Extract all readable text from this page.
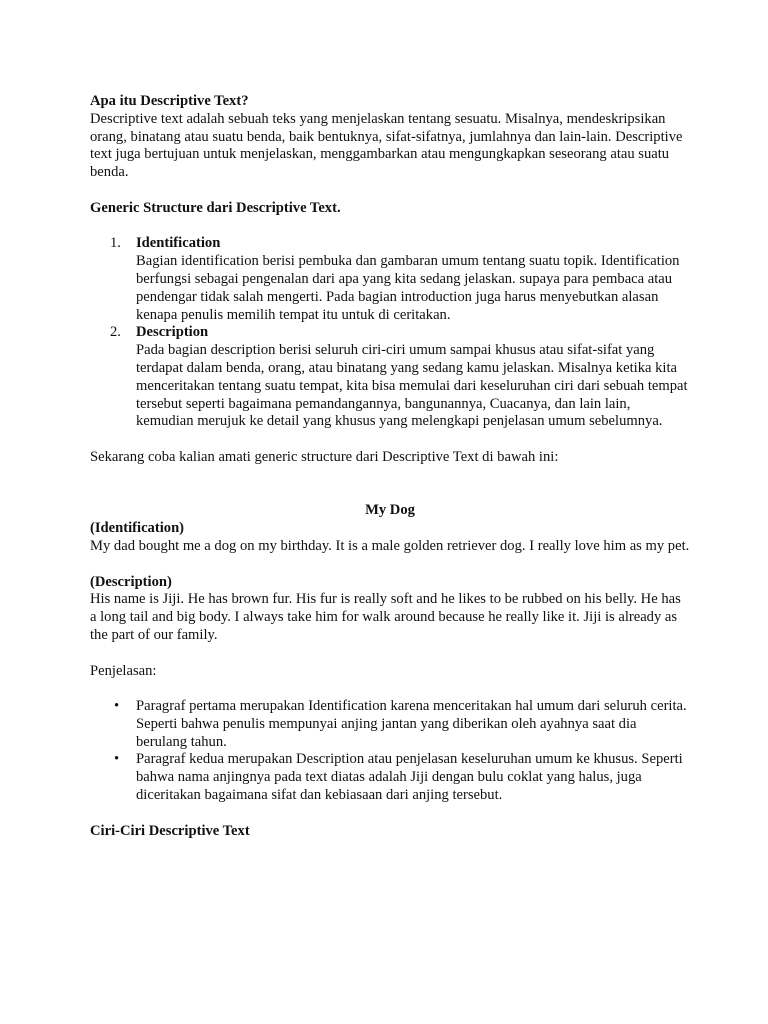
Apa itu Descriptive Text?

Descriptive text adalah sebuah teks yang menjelaskan tentang sesuatu. Misalnya, mendeskripsikan orang, binatang atau suatu benda, baik bentuknya, sifat-sifatnya, jumlahnya dan lain-lain. Descriptive text juga bertujuan untuk menjelaskan, menggambarkan atau mengungkapkan seseorang atau suatu benda.

Generic Structure dari Descriptive Text.

1. Identification

Bagian identification berisi pembuka dan gambaran umum tentang suatu topik. Identification berfungsi sebagai pengenalan dari apa yang kita sedang jelaskan. supaya para pembaca atau pendengar tidak salah mengerti. Pada bagian introduction juga harus menyebutkan alasan kenapa penulis memilih tempat itu untuk di ceritakan.

2. Description

Pada bagian description berisi seluruh ciri-ciri umum sampai khusus atau sifat-sifat yang terdapat dalam benda, orang, atau binatang yang sedang kamu jelaskan. Misalnya ketika kita menceritakan tentang suatu tempat, kita bisa memulai dari keseluruhan ciri dari sebuah tempat tersebut seperti bagaimana pemandangannya, bangunannya, Cuacanya, dan lain lain, kemudian merujuk ke detail yang khusus yang melengkapi penjelasan umum sebelumnya.

Sekarang coba kalian amati generic structure dari Descriptive Text di bawah ini:

My Dog

(Identification)

My dad bought me a dog on my birthday. It is a male golden retriever dog. I really love him as my pet.

(Description)

His name is Jiji. He has brown fur. His fur is really soft and he likes to be rubbed on his belly. He has a long tail and big body. I always take him for walk around because he really like it. Jiji is already as the part of our family.

Penjelasan:

• Paragraf pertama merupakan Identification karena menceritakan hal umum dari seluruh cerita. Seperti bahwa penulis mempunyai anjing jantan yang diberikan oleh ayahnya saat dia berulang tahun.

• Paragraf kedua merupakan Description atau penjelasan keseluruhan umum ke khusus. Seperti bahwa nama anjingnya pada text diatas adalah Jiji dengan bulu coklat yang halus, juga diceritakan bagaimana sifat dan kebiasaan dari anjing tersebut.

Ciri-Ciri Descriptive Text
